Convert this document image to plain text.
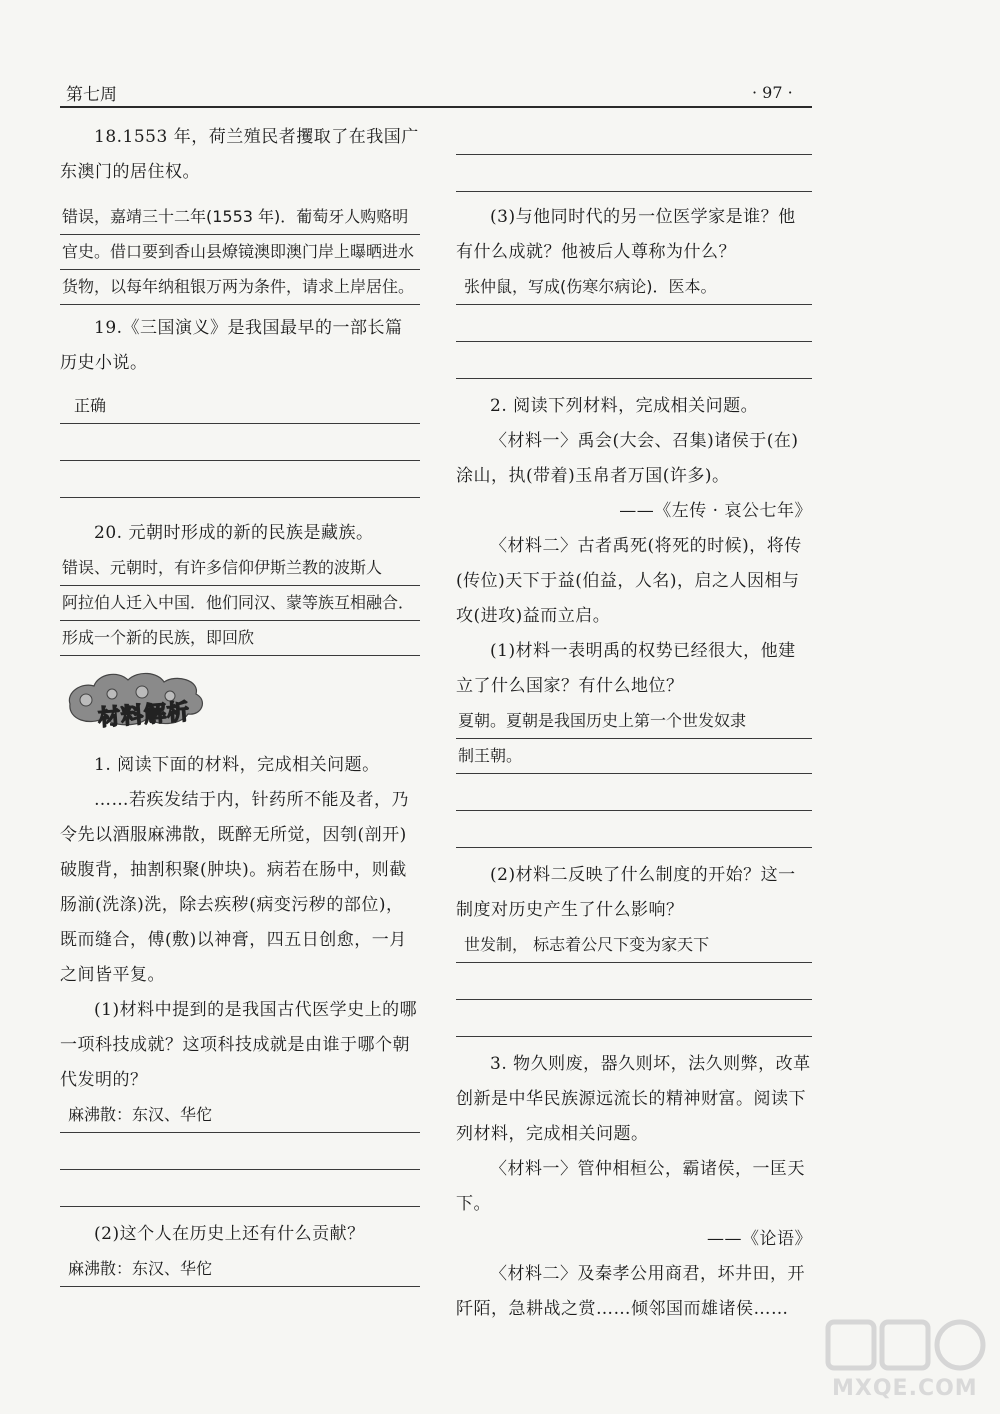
第七周	· 97 ·

18.1553 年，荷兰殖民者攫取了在我国广东澳门的居住权。

错误，嘉靖三十二年(1553 年)．葡萄牙人购赂明

官史。借口要到香山县燎镜澳即澳门岸上曝晒进水

货物，以每年纳租银万两为条件，请求上岸居住。

19.《三国演义》是我国最早的一部长篇历史小说。

正确

20. 元朝时形成的新的民族是藏族。

错误、元朝时，有许多信仰伊斯兰教的波斯人

阿拉伯人迁入中国．他们同汉、蒙等族互相融合．

形成一个新的民族，即回欣

材料解析

1. 阅读下面的材料，完成相关问题。

……若疾发结于内，针药所不能及者，乃令先以酒服麻沸散，既醉无所觉，因刳(剖开)破腹背，抽割积聚(肿块)。病若在肠中，则截肠湔(洗涤)洗，除去疾秽(病变污秽的部位)，既而缝合，傅(敷)以神膏，四五日创愈，一月之间皆平复。

(1)材料中提到的是我国古代医学史上的哪一项科技成就？这项科技成就是由谁于哪个朝代发明的？

麻沸散：东汉、华佗

(2)这个人在历史上还有什么贡献？

麻沸散：东汉、华佗

(3)与他同时代的另一位医学家是谁？他有什么成就？他被后人尊称为什么？

张仲鼠，写成(伤寒尔病论)．医本。

2. 阅读下列材料，完成相关问题。

〈材料一〉禹会(大会、召集)诸侯于(在)涂山，执(带着)玉帛者万国(许多)。

——《左传 · 哀公七年》

〈材料二〉古者禹死(将死的时候)，将传(传位)天下于益(伯益，人名)，启之人因相与攻(进攻)益而立启。

(1)材料一表明禹的权势已经很大，他建立了什么国家？有什么地位？

夏朝。夏朝是我国历史上第一个世发奴隶

制王朝。

(2)材料二反映了什么制度的开始？这一制度对历史产生了什么影响？

世发制， 标志着公尺下变为家天下

3. 物久则废，器久则坏，法久则弊，改革创新是中华民族源远流长的精神财富。阅读下列材料，完成相关问题。

〈材料一〉管仲相桓公，霸诸侯，一匡天下。

——《论语》

〈材料二〉及秦孝公用商君，坏井田，开阡陌，急耕战之赏……倾邻国而雄诸侯……

MXQE.COM
